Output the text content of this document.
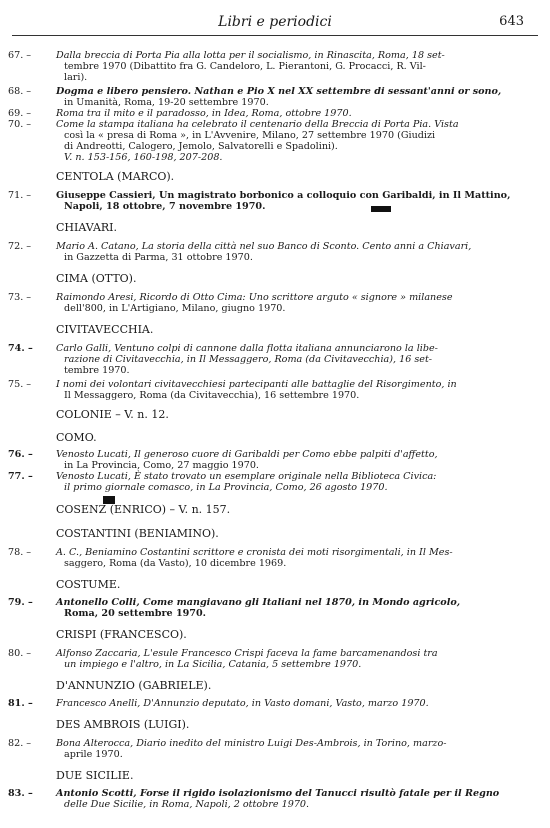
Libri e periodici	643
67. –	Dalla breccia di Porta Pia alla lotta per il socialismo, in Rinascita, Roma, 18 set-
tembre 1970 (Dibattito fra G. Candeloro, L. Pierantoni, G. Procacci, R. Vil-
lari).
68. –	Dogma e libero pensiero. Nathan e Pio X nel XX settembre di sessant'anni or sono,
in Umanità, Roma, 19-20 settembre 1970.
69. –	Roma tra il mito e il paradosso, in Idea, Roma, ottobre 1970.
70. –	Come la stampa italiana ha celebrato il centenario della Breccia di Porta Pia. Vista
così la « presa di Roma », in L'Avvenire, Milano, 27 settembre 1970 (Giudizi
di Andreotti, Calogero, Jemolo, Salvatorelli e Spadolini).
V. n. 153-156, 160-198, 207-208.
CENTOLA (MARCO).
71. –	Giuseppe Cassieri, Un magistrato borbonico a colloquio con Garibaldi, in Il Mattino,
Napoli, 18 ottobre, 7 novembre 1970.
CHIAVARI.
72. –	Mario A. Catano, La storia della città nel suo Banco di Sconto. Cento anni a Chiavari,
in Gazzetta di Parma, 31 ottobre 1970.
CIMA (OTTO).
73. –	Raimondo Aresi, Ricordo di Otto Cima: Uno scrittore arguto « signore » milanese
dell'800, in L'Artigiano, Milano, giugno 1970.
CIVITAVECCHIA.
74. – Carlo Galli, Ventuno colpi di cannone dalla flotta italiana annunciarono la libe-
razione di Civitavecchia, in Il Messaggero, Roma (da Civitavecchia), 16 set-
tembre 1970.
75. –	I nomi dei volontari civitavecchiesi partecipanti alle battaglie del Risorgimento, in
Il Messaggero, Roma (da Civitavecchia), 16 settembre 1970.
COLONIE – V. n. 12.
COMO.
76. – Venosto Lucati, Il generoso cuore di Garibaldi per Como ebbe palpiti d'affetto,
in La Provincia, Como, 27 maggio 1970.
77. – Venosto Lucati, È stato trovato un esemplare originale nella Biblioteca Civica:
il primo giornale comasco, in La Provincia, Como, 26 agosto 1970.
COSENZ (ENRICO) – V. n. 157.
COSTANTINI (BENIAMINO).
78. –	A. C., Beniamino Costantini scrittore e cronista dei moti risorgimentali, in Il Mes-
saggero, Roma (da Vasto), 10 dicembre 1969.
COSTUME.
79. – Antonello Colli, Come mangiavano gli Italiani nel 1870, in Mondo agricolo,
Roma, 20 settembre 1970.
CRISPI (FRANCESCO).
80. –	Alfonso Zaccaria, L'esule Francesco Crispi faceva la fame barcamenandosi tra
un impiego e l'altro, in La Sicilia, Catania, 5 settembre 1970.
D'ANNUNZIO (GABRIELE).
81. – Francesco Anelli, D'Annunzio deputato, in Vasto domani, Vasto, marzo 1970.
DES AMBROIS (LUIGI).
82. –	Bona Alterocca, Diario inedito del ministro Luigi Des-Ambrois, in Torino, marzo-
aprile 1970.
DUE SICILIE.
83. – Antonio Scotti, Forse il rigido isolazionismo del Tanucci risultò fatale per il Regno
delle Due Sicilie, in Roma, Napoli, 2 ottobre 1970.
